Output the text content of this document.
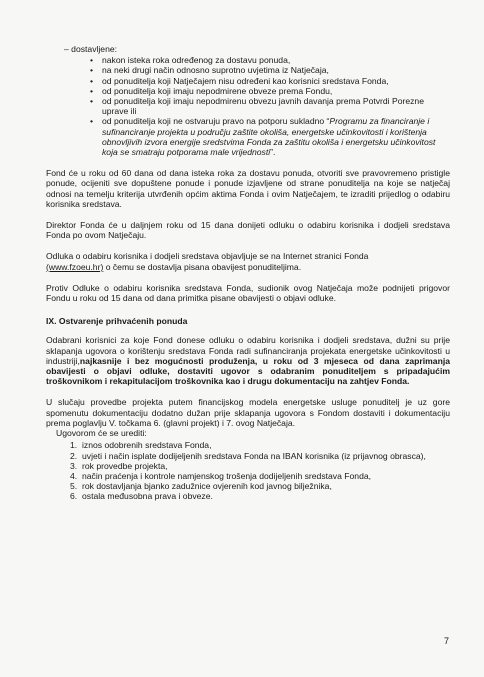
– dostavljene:
• nakon isteka roka određenog za dostavu ponuda,
• na neki drugi način odnosno suprotno uvjetima iz Natječaja,
• od ponuditelja koji Natječajem nisu određeni kao korisnici sredstava Fonda,
• od ponuditelja koji imaju nepodmirene obveze prema Fondu,
• od ponuditelja koji imaju nepodmirenu obvezu javnih davanja prema Potvrdi Porezne uprave ili
• od ponuditelja koji ne ostvaruju pravo na potporu sukladno “Programu za financiranje i sufinanciranje projekta u području zaštite okoliša, energetske učinkovitosti i korištenja obnovljivih izvora energije sredstvima Fonda za zaštitu okoliša i energetsku učinkovitost koja se smatraju potporama male vrijednosti”.

Fond će u roku od 60 dana od dana isteka roka za dostavu ponuda, otvoriti sve pravovremeno pristigle ponude, ocijeniti sve dopuštene ponude i ponude izjavljene od strane ponuditelja na koje se natječaj odnosi na temelju kriterija utvrđenih općim aktima Fonda i ovim Natječajem, te izraditi prijedlog o odabiru korisnika sredstava.

Direktor Fonda će u daljnjem roku od 15 dana donijeti odluku o odabiru korisnika i dodjeli sredstava Fonda po ovom Natječaju.

Odluka o odabiru korisnika i dodjeli sredstava objavljuje se na Internet stranici Fonda
(www.fzoeu.hr) o čemu se dostavlja pisana obavijest ponuditeljima.

Protiv Odluke o odabiru korisnika sredstava Fonda, sudionik ovog Natječaja može podnijeti prigovor Fondu u roku od 15 dana od dana primitka pisane obavijesti o objavi odluke.

IX. Ostvarenje prihvaćenih ponuda

Odabrani korisnici za koje Fond donese odluku o odabiru korisnika i dodjeli sredstava, dužni su prije sklapanja ugovora o korištenju sredstava Fonda radi sufinanciranja projekata energetske učinkovitosti u industriji,najkasnije i bez mogućnosti produženja, u roku od 3 mjeseca od dana zaprimanja obavijesti o objavi odluke, dostaviti ugovor s odabranim ponuditeljem s pripadajućim troškovnikom i rekapitulacijom troškovnika kao i drugu dokumentaciju na zahtjev Fonda.

U slučaju provedbe projekta putem financijskog modela energetske usluge ponuditelj je uz gore spomenutu dokumentaciju dodatno dužan prije sklapanja ugovora s Fondom dostaviti i dokumentaciju prema poglavlju V. točkama 6. (glavni projekt) i 7. ovog Natječaja.

Ugovorom će se urediti:
1. iznos odobrenih sredstava Fonda,
2. uvjeti i način isplate dodijeljenih sredstava Fonda na IBAN korisnika (iz prijavnog obrasca),
3. rok provedbe projekta,
4. način praćenja i kontrole namjenskog trošenja dodijeljenih sredstava Fonda,
5. rok dostavljanja bjanko zadužnice ovjerenih kod javnog bilježnika,
6. ostala međusobna prava i obveze.
7
